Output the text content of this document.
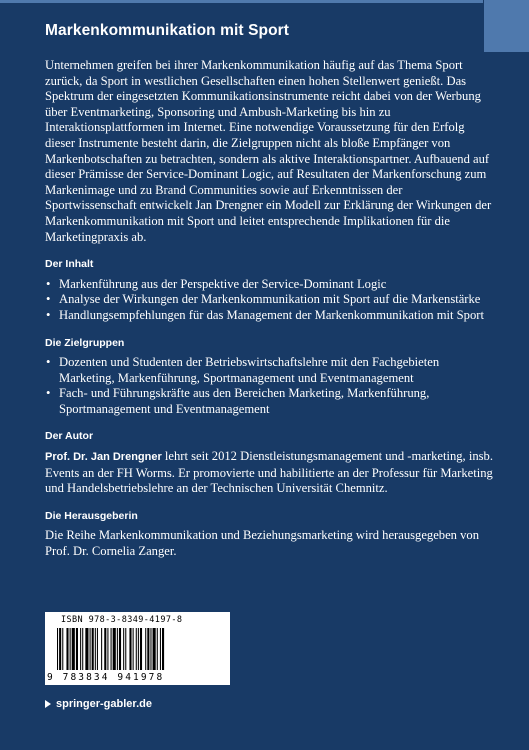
Markenkommunikation mit Sport

Unternehmen greifen bei ihrer Markenkommunikation häufig auf das Thema Sport zurück, da Sport in westlichen Gesellschaften einen hohen Stellenwert genießt. Das Spektrum der eingesetzten Kommunikationsinstrumente reicht dabei von der Werbung über Eventmarketing, Sponsoring und Ambush-Marketing bis hin zu Interaktionsplattformen im Internet. Eine notwendige Voraussetzung für den Erfolg dieser Instrumente besteht darin, die Zielgruppen nicht als bloße Empfänger von Markenbotschaften zu betrachten, sondern als aktive Interaktionspartner. Aufbauend auf dieser Prämisse der Service-Dominant Logic, auf Resultaten der Markenforschung zum Markenimage und zu Brand Communities sowie auf Erkenntnissen der Sportwissenschaft entwickelt Jan Drengner ein Modell zur Erklärung der Wirkungen der Markenkommunikation mit Sport und leitet entsprechende Implikationen für die Marketingpraxis ab.

Der Inhalt
• Markenführung aus der Perspektive der Service-Dominant Logic
• Analyse der Wirkungen der Markenkommunikation mit Sport auf die Markenstärke
• Handlungsempfehlungen für das Management der Markenkommunikation mit Sport
Die Zielgruppen
• Dozenten und Studenten der Betriebswirtschaftslehre mit den Fachgebieten Marketing, Markenführung, Sportmanagement und Eventmanagement
• Fach- und Führungskräfte aus den Bereichen Marketing, Markenführung, Sportmanagement und Eventmanagement
Der Autor

Prof. Dr. Jan Drengner lehrt seit 2012 Dienstleistungsmanagement und -marketing, insb. Events an der FH Worms. Er promovierte und habilitierte an der Professur für Marketing und Handelsbetriebslehre an der Technischen Universität Chemnitz.

Die Herausgeberin

Die Reihe Markenkommunikation und Beziehungsmarketing wird herausgegeben von Prof. Dr. Cornelia Zanger.

ISBN 978-3-8349-4197-8
9 783834 941978
springer-gabler.de
